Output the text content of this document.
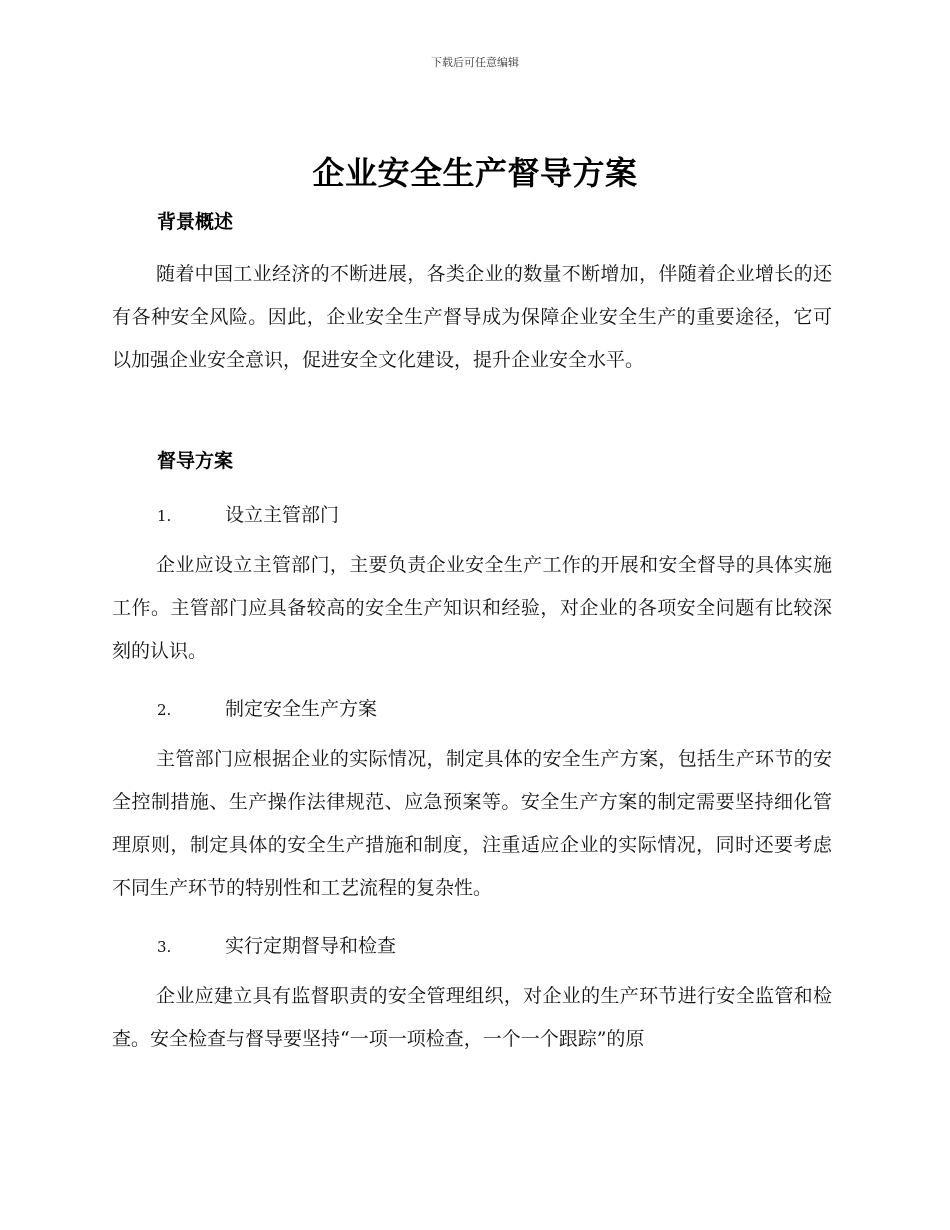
下载后可任意编辑
企业安全生产督导方案
背景概述

随着中国工业经济的不断进展，各类企业的数量不断增加，伴随着企业增长的还有各种安全风险。因此，企业安全生产督导成为保障企业安全生产的重要途径，它可以加强企业安全意识，促进安全文化建设，提升企业安全水平。

督导方案
1.	设立主管部门

企业应设立主管部门，主要负责企业安全生产工作的开展和安全督导的具体实施工作。主管部门应具备较高的安全生产知识和经验，对企业的各项安全问题有比较深刻的认识。

2.	制定安全生产方案

主管部门应根据企业的实际情况，制定具体的安全生产方案，包括生产环节的安全控制措施、生产操作法律规范、应急预案等。安全生产方案的制定需要坚持细化管理原则，制定具体的安全生产措施和制度，注重适应企业的实际情况，同时还要考虑不同生产环节的特别性和工艺流程的复杂性。

3.	实行定期督导和检查

企业应建立具有监督职责的安全管理组织，对企业的生产环节进行安全监管和检查。安全检查与督导要坚持“一项一项检查，一个一个跟踪”的原
